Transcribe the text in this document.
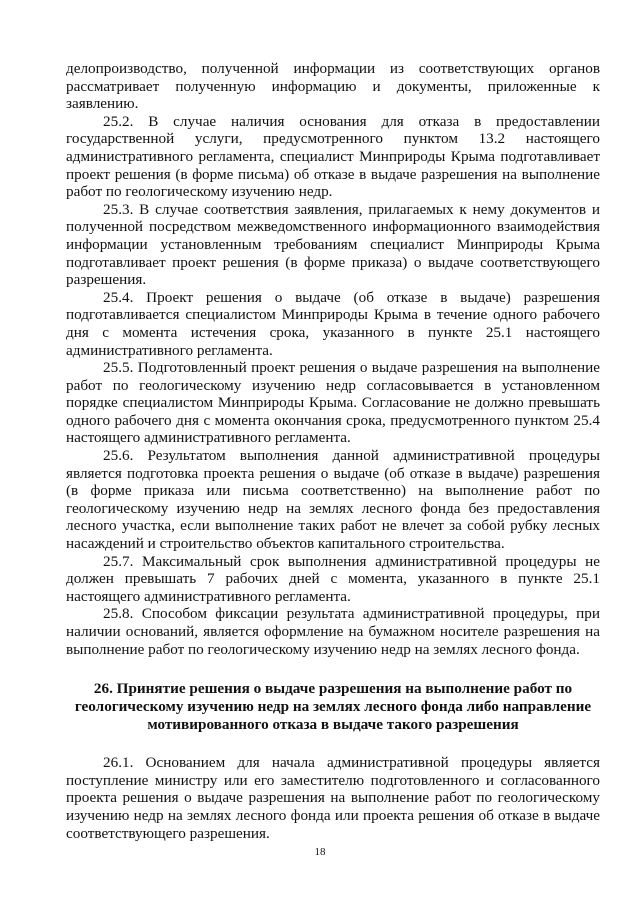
делопроизводство, полученной информации из соответствующих органов рассматривает полученную информацию и документы, приложенные к заявлению.

25.2. В случае наличия основания для отказа в предоставлении государственной услуги, предусмотренного пунктом 13.2 настоящего административного регламента, специалист Минприроды Крыма подготавливает проект решения (в форме письма) об отказе в выдаче разрешения на выполнение работ по геологическому изучению недр.

25.3. В случае соответствия заявления, прилагаемых к нему документов и полученной посредством межведомственного информационного взаимодействия информации установленным требованиям специалист Минприроды Крыма подготавливает проект решения (в форме приказа) о выдаче соответствующего разрешения.

25.4. Проект решения о выдаче (об отказе в выдаче) разрешения подготавливается специалистом Минприроды Крыма в течение одного рабочего дня с момента истечения срока, указанного в пункте 25.1 настоящего административного регламента.

25.5. Подготовленный проект решения о выдаче разрешения на выполнение работ по геологическому изучению недр согласовывается в установленном порядке специалистом Минприроды Крыма. Согласование не должно превышать одного рабочего дня с момента окончания срока, предусмотренного пунктом 25.4 настоящего административного регламента.

25.6. Результатом выполнения данной административной процедуры является подготовка проекта решения о выдаче (об отказе в выдаче) разрешения (в форме приказа или письма соответственно) на выполнение работ по геологическому изучению недр на землях лесного фонда без предоставления лесного участка, если выполнение таких работ не влечет за собой рубку лесных насаждений и строительство объектов капитального строительства.

25.7. Максимальный срок выполнения административной процедуры не должен превышать 7 рабочих дней с момента, указанного в пункте 25.1 настоящего административного регламента.

25.8. Способом фиксации результата административной процедуры, при наличии оснований, является оформление на бумажном носителе разрешения на выполнение работ по геологическому изучению недр на землях лесного фонда.

26. Принятие решения о выдаче разрешения на выполнение работ по
геологическому изучению недр на землях лесного фонда либо направление
мотивированного отказа в выдаче такого разрешения

26.1. Основанием для начала административной процедуры является поступление министру или его заместителю подготовленного и согласованного проекта решения о выдаче разрешения на выполнение работ по геологическому изучению недр на землях лесного фонда или проекта решения об отказе в выдаче соответствующего разрешения.

18
